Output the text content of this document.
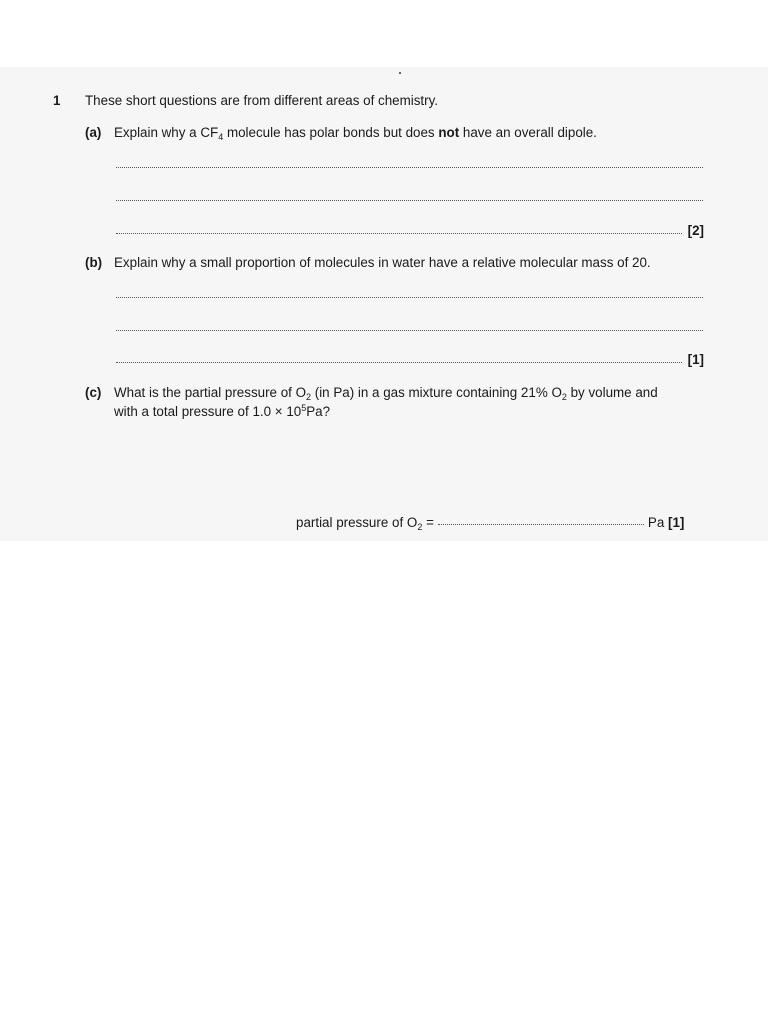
1 These short questions are from different areas of chemistry.
(a) Explain why a $CF_4$ molecule has polar bonds but does not have an overall dipole.
[2]
(b) Explain why a small proportion of molecules in water have a relative molecular mass of 20.
[1]
(c) What is the partial pressure of $O_2$ (in Pa) in a gas mixture containing 21% $O_2$ by volume and
with a total pressure of $1.0 \times 10^5Pa$?
partial pressure of $O_2$ =	Pa [1]
